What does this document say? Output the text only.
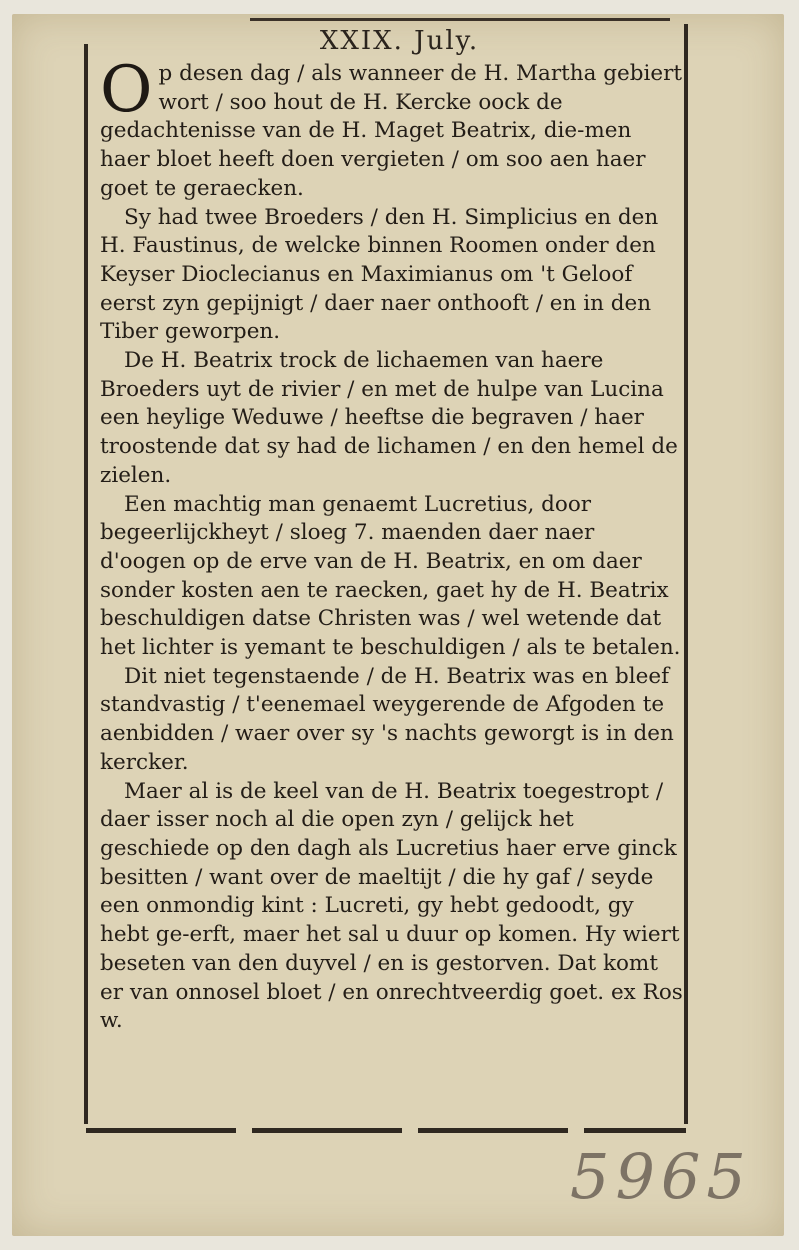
XXIX. July.

Op desen dag / als wanneer de H. Martha gebiert wort / soo hout de H. Kercke oock de gedachtenisse van de H. Maget Beatrix, die-men haer bloet heeft doen vergieten / om soo aen haer goet te geraecken.

Sy had twee Broeders / den H. Simplicius en den H. Faustinus, de welcke binnen Roomen onder den Keyser Dioclecianus en Maximianus om 't Geloof eerst zyn gepijnigt / daer naer onthooft / en in den Tiber geworpen.

De H. Beatrix trock de lichaemen van haere Broeders uyt de rivier / en met de hulpe van Lucina een heylige Weduwe / heeftse die begraven / haer troostende dat sy had de lichamen / en den hemel de zielen.

Een machtig man genaemt Lucretius, door begeerlijckheyt / sloeg 7. maenden daer naer d'oogen op de erve van de H. Beatrix, en om daer sonder kosten aen te raecken, gaet hy de H. Beatrix beschuldigen datse Christen was / wel wetende dat het lichter is yemant te beschuldigen / als te betalen.

Dit niet tegenstaende / de H. Beatrix was en bleef standvastig / t'eenemael weygerende de Afgoden te aenbidden / waer over sy 's nachts geworgt is in den kercker.

Maer al is de keel van de H. Beatrix toegestropt / daer isser noch al die open zyn / gelijck het geschiede op den dagh als Lucretius haer erve ginck besitten / want over de maeltijt / die hy gaf / seyde een onmondig kint : Lucreti, gy hebt gedoodt, gy hebt ge-erft, maer het sal u duur op komen. Hy wiert beseten van den duyvel / en is gestorven. Dat komt er van onnosel bloet / en onrechtveerdig goet. ex Ros w.

5965
